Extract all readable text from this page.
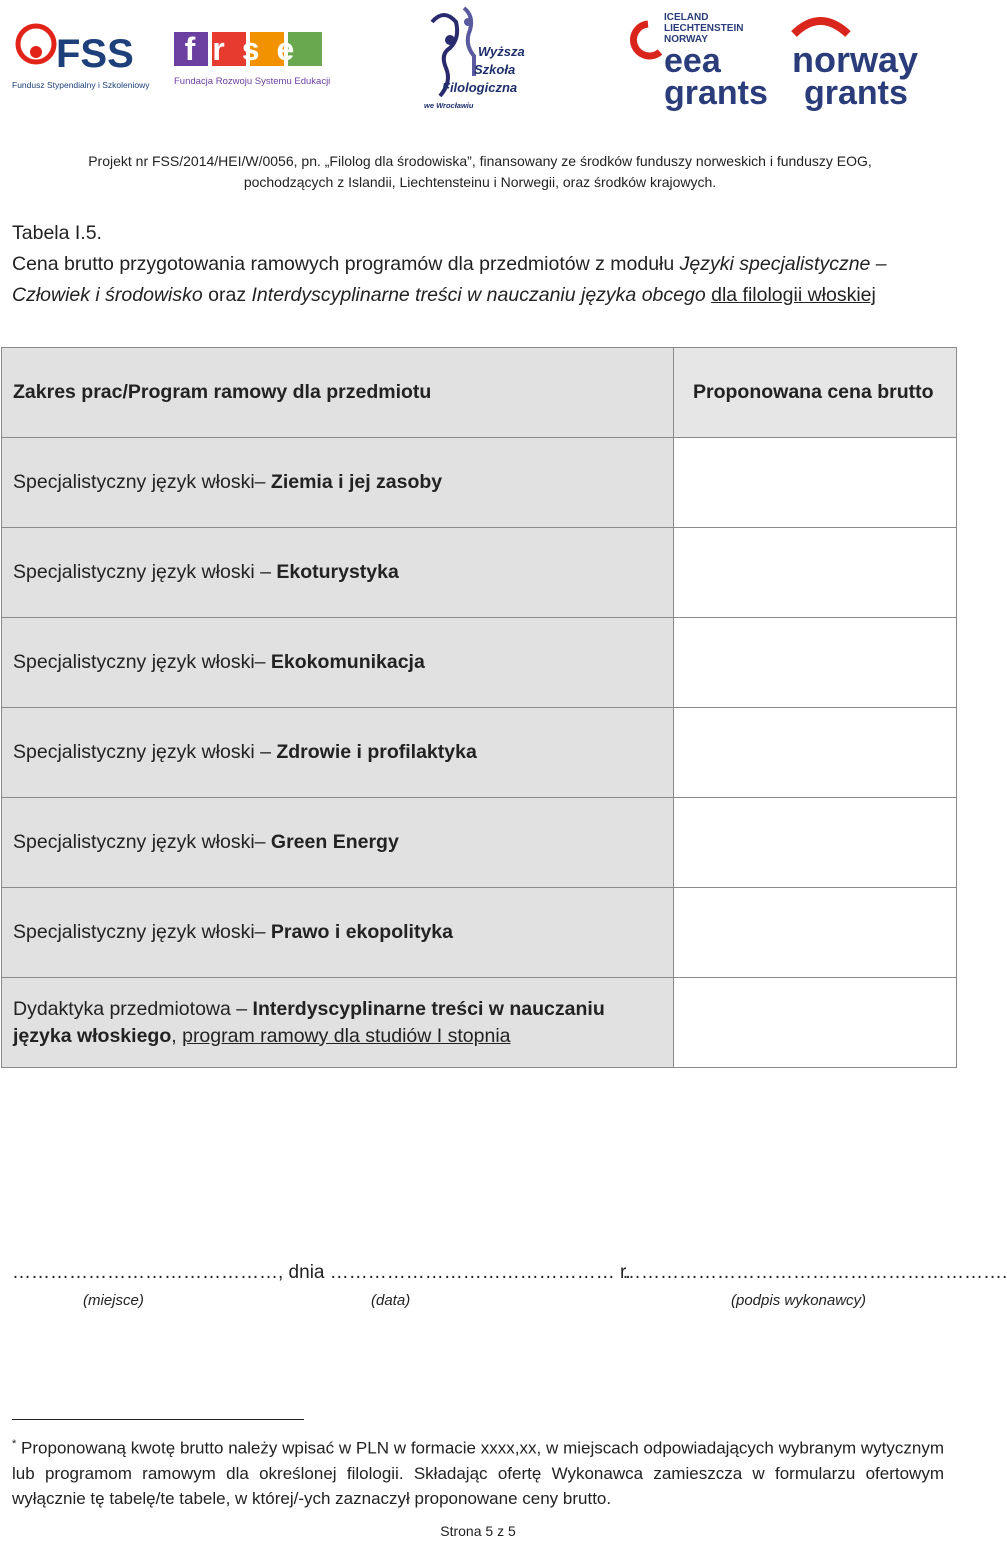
FSS
Fundusz Stypendialny i Szkoleniowy
frse
Fundacja Rozwoju Systemu Edukacji
Wyższa
Szkoła
Filologiczna
we Wrocławiu
ICELAND
LIECHTENSTEIN
NORWAY
eea
grants
norway
grants
Projekt nr FSS/2014/HEI/W/0056, pn. „Filolog dla środowiska”, finansowany ze środków funduszy norweskich i funduszy EOG,
pochodzących z Islandii, Liechtensteinu i Norwegii, oraz środków krajowych.
Tabela I.5.
Cena brutto przygotowania ramowych programów dla przedmiotów z modułu Języki specjalistyczne –
Człowiek i środowisko oraz Interdyscyplinarne treści w nauczaniu języka obcego dla filologii włoskiej
Zakres prac/Program ramowy dla przedmiotu	Proponowana cena brutto
Specjalistyczny język włoski– Ziemia i jej zasoby	
Specjalistyczny język włoski – Ekoturystyka	
Specjalistyczny język włoski– Ekokomunikacja	
Specjalistyczny język włoski – Zdrowie i profilaktyka	
Specjalistyczny język włoski– Green Energy	
Specjalistyczny język włoski– Prawo i ekopolityka	
Dydaktyka przedmiotowa – Interdyscyplinarne treści w nauczaniu
języka włoskiego, program ramowy dla studiów I stopnia	
……………………………………, dnia ……………………………………… r.
…………………………………………………….
(miejsce)	(data)	(podpis wykonawcy)
* Proponowaną kwotę brutto należy wpisać w PLN w formacie xxxx,xx, w miejscach odpowiadających wybranym wytycznym lub programom ramowym dla określonej filologii. Składając ofertę Wykonawca zamieszcza w formularzu ofertowym wyłącznie tę tabelę/te tabele, w której/-ych zaznaczył proponowane ceny brutto.
Strona 5 z 5
